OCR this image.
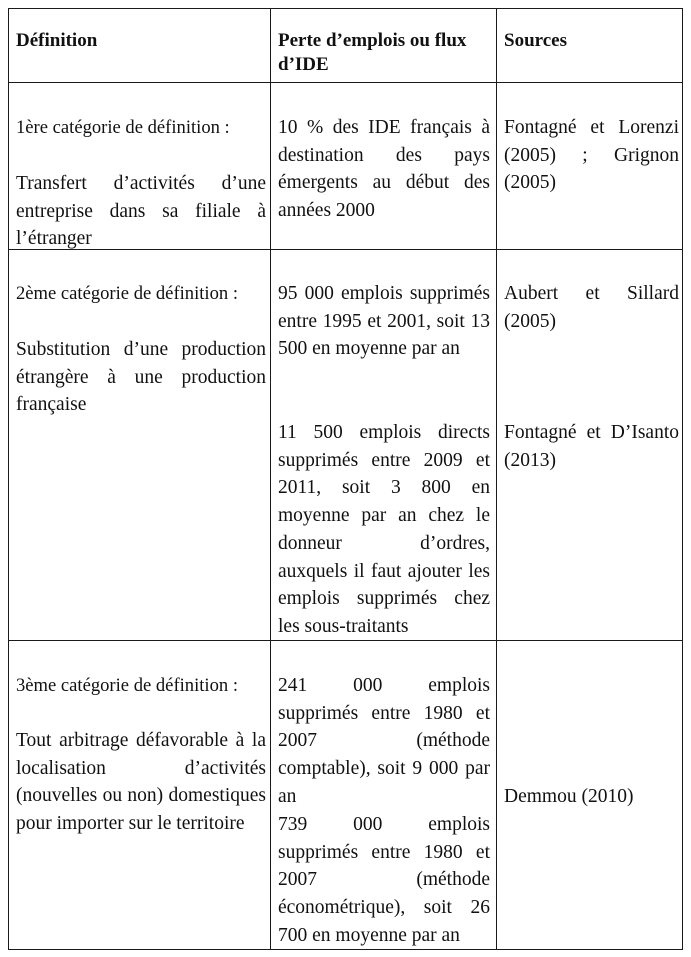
Définition	Perte d’emplois ou flux
d’IDE
Sources
1ère catégorie de définition :
Transfert d’activités d’une entreprise dans sa filiale à l’étranger
10 % des IDE français à destination des pays émergents au début des années 2000
Fontagné et Lorenzi (2005) ; Grignon (2005)
2ème catégorie de définition :
Substitution d’une production étrangère à une production française
95 000 emplois supprimés entre 1995 et 2001, soit 13 500 en moyenne par an
11 500 emplois directs supprimés entre 2009 et 2011, soit 3 800 en moyenne par an chez le donneur d’ordres, auxquels il faut ajouter les emplois supprimés chez les sous-traitants
Aubert et Sillard (2005)
Fontagné et D’Isanto (2013)
3ème catégorie de définition :
Tout arbitrage défavorable à la localisation d’activités (nouvelles ou non) domestiques pour importer sur le territoire
241 000 emplois supprimés entre 1980 et 2007 (méthode comptable), soit 9 000 par an
739 000 emplois supprimés entre 1980 et 2007 (méthode économétrique), soit 26 700 en moyenne par an
Demmou (2010)
